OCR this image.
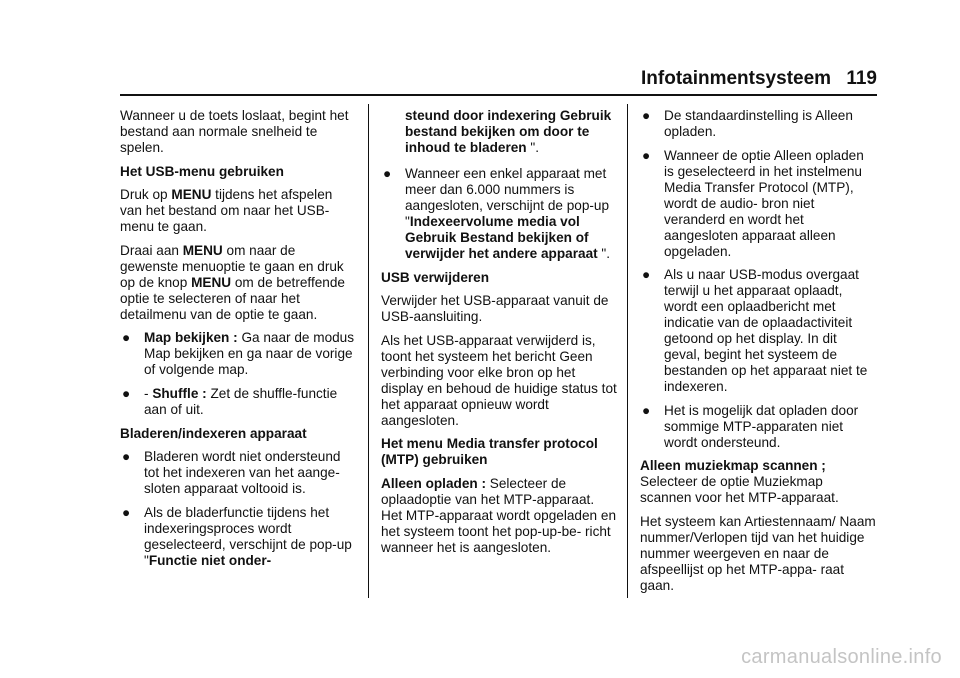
Infotainmentsysteem 119

Wanneer u de toets loslaat, begint het bestand aan normale snelheid te spelen.

Het USB-menu gebruiken

Druk op MENU tijdens het afspelen van het bestand om naar het USB-menu te gaan.

Draai aan MENU om naar de gewenste menuoptie te gaan en druk op de knop MENU om de betreffende optie te selecteren of naar het detailmenu van de optie te gaan.

● Map bekijken : Ga naar de modus Map bekijken en ga naar de vorige of volgende map.
● - Shuffle : Zet de shuffle-functie aan of uit.

Bladeren/indexeren apparaat

● Bladeren wordt niet ondersteund tot het indexeren van het aange- sloten apparaat voltooid is.
● Als de bladerfunctie tijdens het indexeringsproces wordt geselecteerd, verschijnt de pop-up "Functie niet onder-
steund door indexering Gebruik bestand bekijken om door te inhoud te bladeren ".
● Wanneer een enkel apparaat met meer dan 6.000 nummers is aangesloten, verschijnt de pop-up "Indexeervolume media vol Gebruik Bestand bekijken of verwijder het andere apparaat ".

USB verwijderen

Verwijder het USB-apparaat vanuit de USB-aansluiting.

Als het USB-apparaat verwijderd is, toont het systeem het bericht Geen verbinding voor elke bron op het display en behoud de huidige status tot het apparaat opnieuw wordt aangesloten.

Het menu Media transfer protocol (MTP) gebruiken

Alleen opladen : Selecteer de oplaadoptie van het MTP-apparaat. Het MTP-apparaat wordt opgeladen en het systeem toont het pop-up-be- richt wanneer het is aangesloten.

● De standaardinstelling is Alleen opladen.
● Wanneer de optie Alleen opladen is geselecteerd in het instelmenu Media Transfer Protocol (MTP), wordt de audio- bron niet veranderd en wordt het aangesloten apparaat alleen opgeladen.
● Als u naar USB-modus overgaat terwijl u het apparaat oplaadt, wordt een oplaadbericht met indicatie van de oplaadactiviteit getoond op het display. In dit geval, begint het systeem de bestanden op het apparaat niet te indexeren.
● Het is mogelijk dat opladen door sommige MTP-apparaten niet wordt ondersteund.

Alleen muziekmap scannen ;
Selecteer de optie Muziekmap scannen voor het MTP-apparaat.

Het systeem kan Artiestennaam/ Naam nummer/Verlopen tijd van het huidige nummer weergeven en naar de afspeellijst op het MTP-appa- raat gaan.

carmanualsonline.info
